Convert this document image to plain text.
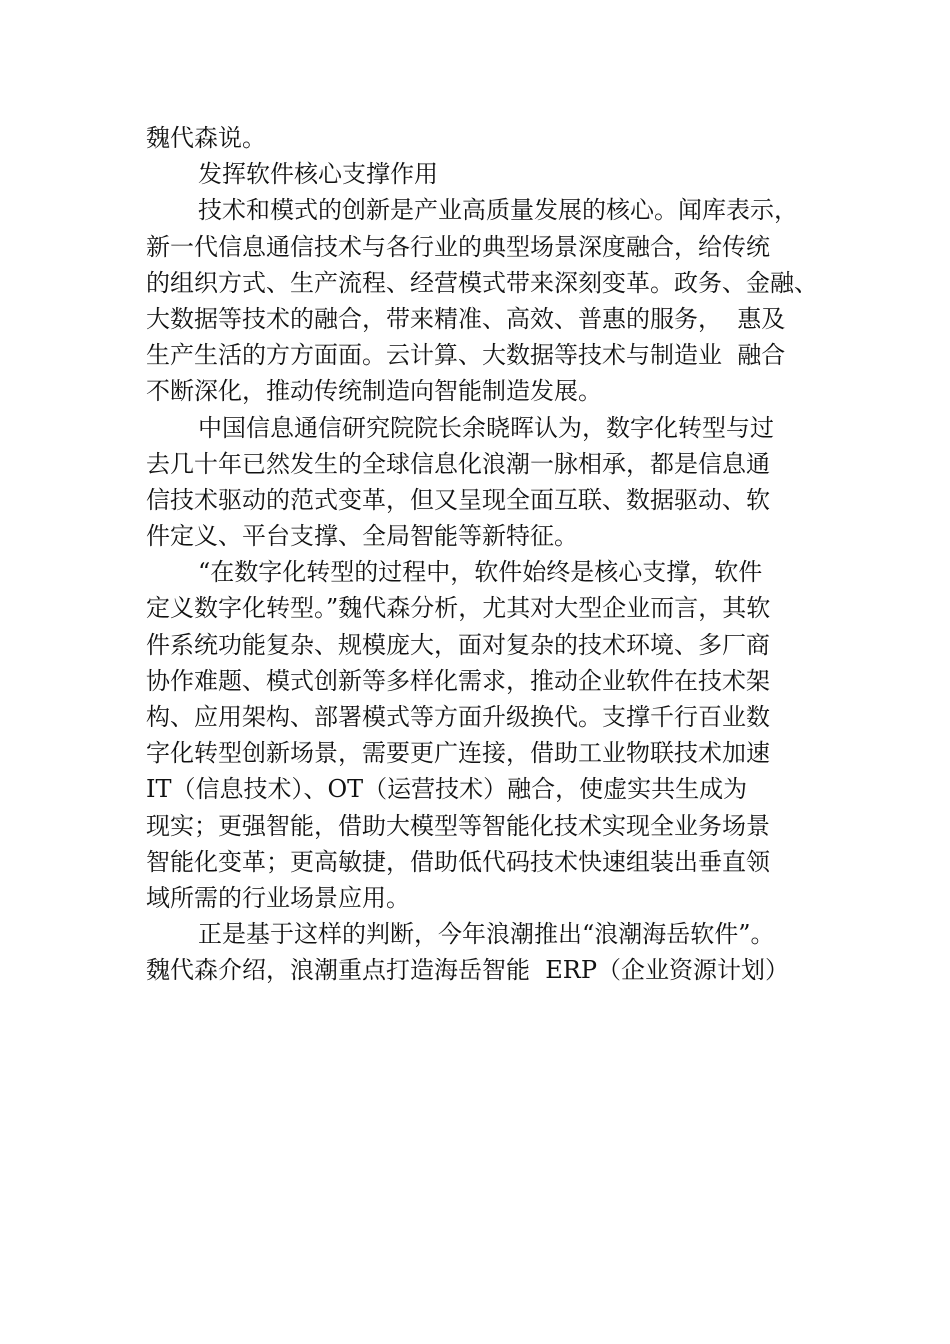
魏代森说。
发挥软件核心支撑作用
技术和模式的创新是产业高质量发展的核心。闻库表示，
新一代信息通信技术与各行业的典型场景深度融合，给传统
的组织方式、生产流程、经营模式带来深刻变革。政务、金融、
大数据等技术的融合，带来精准、高效、普惠的服务，  惠及
生产生活的方方面面。云计算、大数据等技术与制造业  融合
不断深化，推动传统制造向智能制造发展。
中国信息通信研究院院长余晓晖认为，数字化转型与过
去几十年已然发生的全球信息化浪潮一脉相承，都是信息通
信技术驱动的范式变革，但又呈现全面互联、数据驱动、软
件定义、平台支撑、全局智能等新特征。
“在数字化转型的过程中，软件始终是核心支撑，软件
定义数字化转型。”魏代森分析，尤其对大型企业而言，其软
件系统功能复杂、规模庞大，面对复杂的技术环境、多厂商
协作难题、模式创新等多样化需求，推动企业软件在技术架
构、应用架构、部署模式等方面升级换代。支撑千行百业数
字化转型创新场景，需要更广连接，借助工业物联技术加速
IT（信息技术）、OT（运营技术）融合，使虚实共生成为
现实；更强智能，借助大模型等智能化技术实现全业务场景
智能化变革；更高敏捷，借助低代码技术快速组装出垂直领
域所需的行业场景应用。
正是基于这样的判断，今年浪潮推出“浪潮海岳软件”。
魏代森介绍，浪潮重点打造海岳智能  ERP（企业资源计划）
